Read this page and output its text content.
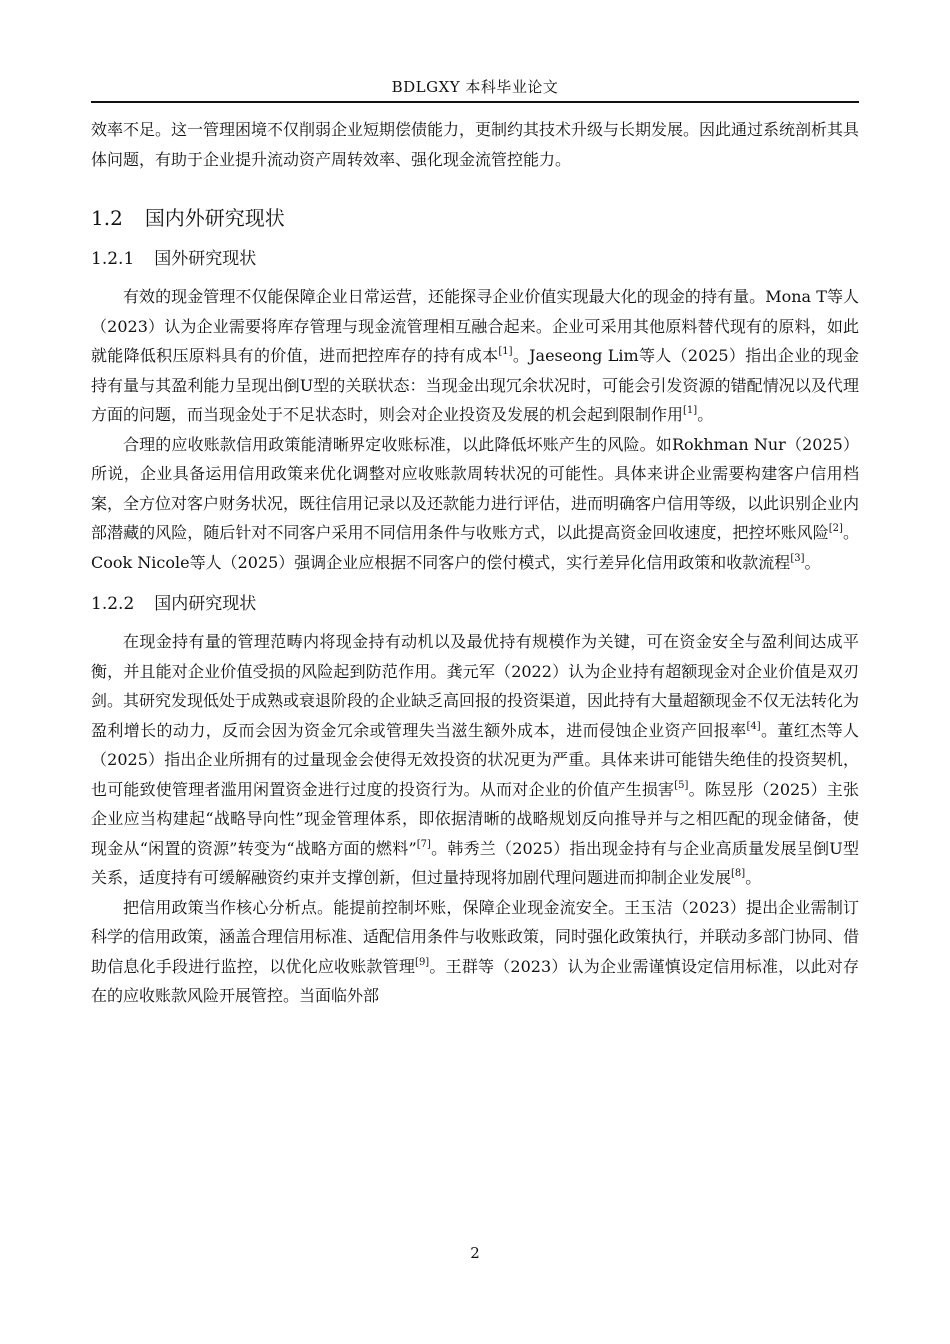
BDLGXY 本科毕业论文

效率不足。这一管理困境不仅削弱企业短期偿债能力，更制约其技术升级与长期发展。因此通过系统剖析其具体问题，有助于企业提升流动资产周转效率、强化现金流管控能力。

1.2 国内外研究现状
1.2.1 国外研究现状

有效的现金管理不仅能保障企业日常运营，还能探寻企业价值实现最大化的现金的持有量。Mona T等人（2023）认为企业需要将库存管理与现金流管理相互融合起来。企业可采用其他原料替代现有的原料，如此就能降低积压原料具有的价值，进而把控库存的持有成本[1]。Jaeseong Lim等人（2025）指出企业的现金持有量与其盈利能力呈现出倒U型的关联状态：当现金出现冗余状况时，可能会引发资源的错配情况以及代理方面的问题，而当现金处于不足状态时，则会对企业投资及发展的机会起到限制作用[1]。

合理的应收账款信用政策能清晰界定收账标准，以此降低坏账产生的风险。如Rokhman Nur（2025）所说，企业具备运用信用政策来优化调整对应收账款周转状况的可能性。具体来讲企业需要构建客户信用档案，全方位对客户财务状况，既往信用记录以及还款能力进行评估，进而明确客户信用等级，以此识别企业内部潜藏的风险，随后针对不同客户采用不同信用条件与收账方式，以此提高资金回收速度，把控坏账风险[2]。Cook Nicole等人（2025）强调企业应根据不同客户的偿付模式，实行差异化信用政策和收款流程[3]。

1.2.2 国内研究现状

在现金持有量的管理范畴内将现金持有动机以及最优持有规模作为关键，可在资金安全与盈利间达成平衡，并且能对企业价值受损的风险起到防范作用。龚元军（2022）认为企业持有超额现金对企业价值是双刃剑。其研究发现低处于成熟或衰退阶段的企业缺乏高回报的投资渠道，因此持有大量超额现金不仅无法转化为盈利增长的动力，反而会因为资金冗余或管理失当滋生额外成本，进而侵蚀企业资产回报率[4]。董红杰等人（2025）指出企业所拥有的过量现金会使得无效投资的状况更为严重。具体来讲可能错失绝佳的投资契机，也可能致使管理者滥用闲置资金进行过度的投资行为。从而对企业的价值产生损害[5]。陈昱彤（2025）主张企业应当构建起“战略导向性”现金管理体系，即依据清晰的战略规划反向推导并与之相匹配的现金储备，使现金从“闲置的资源”转变为“战略方面的燃料”[7]。韩秀兰（2025）指出现金持有与企业高质量发展呈倒U型关系，适度持有可缓解融资约束并支撑创新，但过量持现将加剧代理问题进而抑制企业发展[8]。

把信用政策当作核心分析点。能提前控制坏账，保障企业现金流安全。王玉洁（2023）提出企业需制订科学的信用政策，涵盖合理信用标准、适配信用条件与收账政策，同时强化政策执行，并联动多部门协同、借助信息化手段进行监控，以优化应收账款管理[9]。王群等（2023）认为企业需谨慎设定信用标准，以此对存在的应收账款风险开展管控。当面临外部

2
